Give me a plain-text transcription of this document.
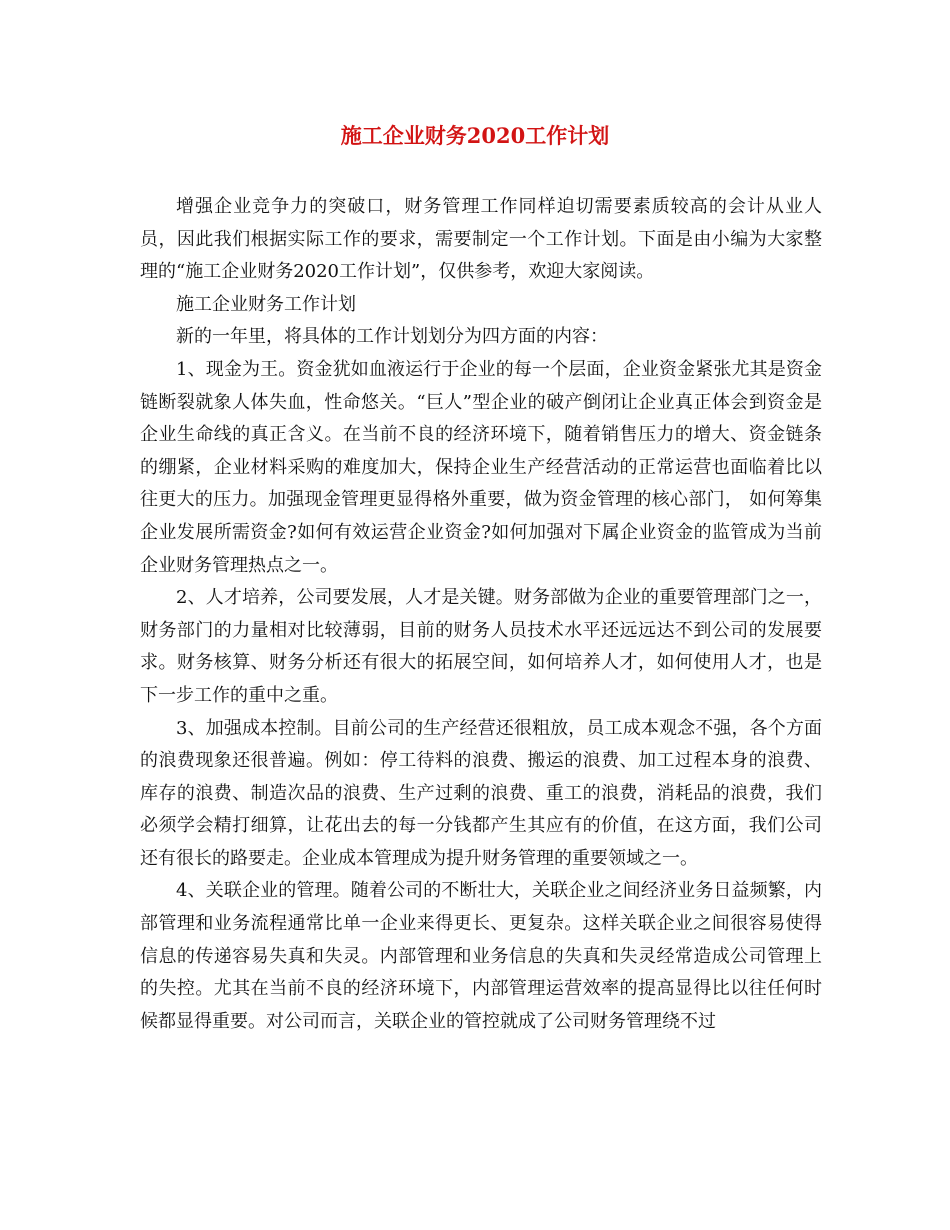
施工企业财务2020工作计划

增强企业竞争力的突破口，财务管理工作同样迫切需要素质较高的会计从业人员，因此我们根据实际工作的要求，需要制定一个工作计划。下面是由小编为大家整理的“施工企业财务2020工作计划”，仅供参考，欢迎大家阅读。

施工企业财务工作计划

新的一年里，将具体的工作计划划分为四方面的内容：

1、现金为王。资金犹如血液运行于企业的每一个层面，企业资金紧张尤其是资金链断裂就象人体失血，性命悠关。“巨人”型企业的破产倒闭让企业真正体会到资金是企业生命线的真正含义。在当前不良的经济环境下，随着销售压力的增大、资金链条的绷紧，企业材料采购的难度加大，保持企业生产经营活动的正常运营也面临着比以往更大的压力。加强现金管理更显得格外重要，做为资金管理的核心部门， 如何筹集企业发展所需资金?如何有效运营企业资金?如何加强对下属企业资金的监管成为当前企业财务管理热点之一。

2、人才培养，公司要发展，人才是关键。财务部做为企业的重要管理部门之一，财务部门的力量相对比较薄弱，目前的财务人员技术水平还远远达不到公司的发展要求。财务核算、财务分析还有很大的拓展空间，如何培养人才，如何使用人才，也是下一步工作的重中之重。

3、加强成本控制。目前公司的生产经营还很粗放，员工成本观念不强，各个方面的浪费现象还很普遍。例如：停工待料的浪费、搬运的浪费、加工过程本身的浪费、库存的浪费、制造次品的浪费、生产过剩的浪费、重工的浪费，消耗品的浪费，我们必须学会精打细算，让花出去的每一分钱都产生其应有的价值，在这方面，我们公司还有很长的路要走。企业成本管理成为提升财务管理的重要领域之一。

4、关联企业的管理。随着公司的不断壮大，关联企业之间经济业务日益频繁，内部管理和业务流程通常比单一企业来得更长、更复杂。这样关联企业之间很容易使得信息的传递容易失真和失灵。内部管理和业务信息的失真和失灵经常造成公司管理上的失控。尤其在当前不良的经济环境下，内部管理运营效率的提高显得比以往任何时候都显得重要。对公司而言，关联企业的管控就成了公司财务管理绕不过
